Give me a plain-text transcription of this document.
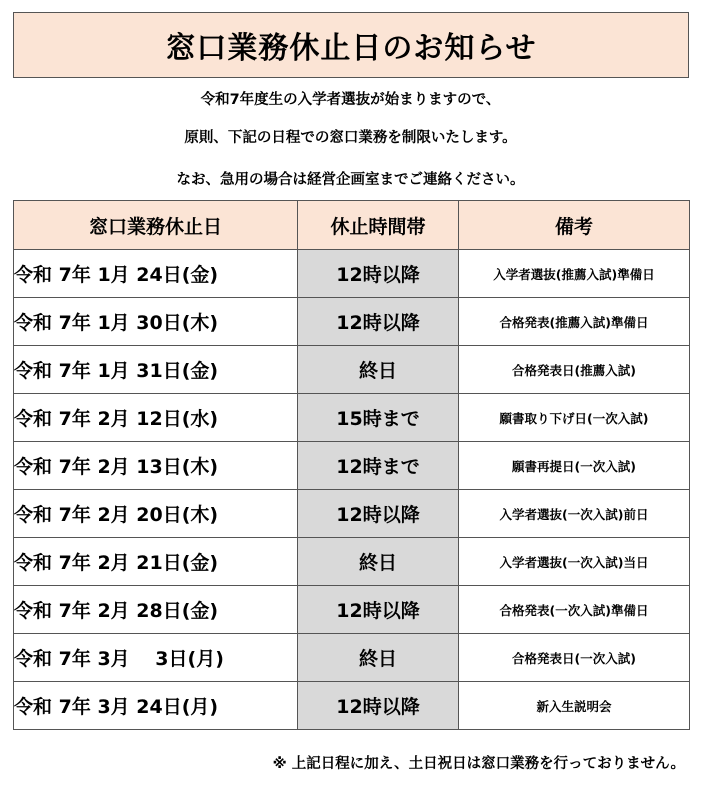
窓口業務休止日のお知らせ
令和7年度生の入学者選抜が始まりますので、
原則、下記の日程での窓口業務を制限いたします。
なお、急用の場合は経営企画室までご連絡ください。
窓口業務休止日	休止時間帯	備考
令和 7年 1月 24日(金)	12時以降	入学者選抜(推薦入試)準備日
令和 7年 1月 30日(木)	12時以降	合格発表(推薦入試)準備日
令和 7年 1月 31日(金)	終日	合格発表日(推薦入試)
令和 7年 2月 12日(水)	15時まで	願書取り下げ日(一次入試)
令和 7年 2月 13日(木)	12時まで	願書再提日(一次入試)
令和 7年 2月 20日(木)	12時以降	入学者選抜(一次入試)前日
令和 7年 2月 21日(金)	終日	入学者選抜(一次入試)当日
令和 7年 2月 28日(金)	12時以降	合格発表(一次入試)準備日
令和 7年 3月　 3日(月)	終日	合格発表日(一次入試)
令和 7年 3月 24日(月)	12時以降	新入生説明会
※ 上記日程に加え、土日祝日は窓口業務を行っておりません。
